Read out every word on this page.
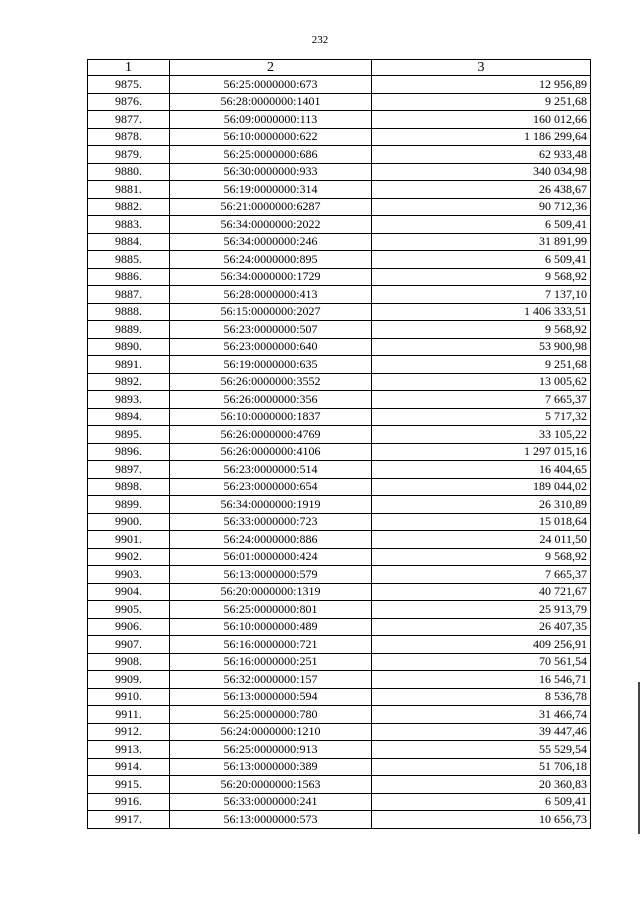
232
1	2	3
9875.	56:25:0000000:673	12 956,89
9876.	56:28:0000000:1401	9 251,68
9877.	56:09:0000000:113	160 012,66
9878.	56:10:0000000:622	1 186 299,64
9879.	56:25:0000000:686	62 933,48
9880.	56:30:0000000:933	340 034,98
9881.	56:19:0000000:314	26 438,67
9882.	56:21:0000000:6287	90 712,36
9883.	56:34:0000000:2022	6 509,41
9884.	56:34:0000000:246	31 891,99
9885.	56:24:0000000:895	6 509,41
9886.	56:34:0000000:1729	9 568,92
9887.	56:28:0000000:413	7 137,10
9888.	56:15:0000000:2027	1 406 333,51
9889.	56:23:0000000:507	9 568,92
9890.	56:23:0000000:640	53 900,98
9891.	56:19:0000000:635	9 251,68
9892.	56:26:0000000:3552	13 005,62
9893.	56:26:0000000:356	7 665,37
9894.	56:10:0000000:1837	5 717,32
9895.	56:26:0000000:4769	33 105,22
9896.	56:26:0000000:4106	1 297 015,16
9897.	56:23:0000000:514	16 404,65
9898.	56:23:0000000:654	189 044,02
9899.	56:34:0000000:1919	26 310,89
9900.	56:33:0000000:723	15 018,64
9901.	56:24:0000000:886	24 011,50
9902.	56:01:0000000:424	9 568,92
9903.	56:13:0000000:579	7 665,37
9904.	56:20:0000000:1319	40 721,67
9905.	56:25:0000000:801	25 913,79
9906.	56:10:0000000:489	26 407,35
9907.	56:16:0000000:721	409 256,91
9908.	56:16:0000000:251	70 561,54
9909.	56:32:0000000:157	16 546,71
9910.	56:13:0000000:594	8 536,78
9911.	56:25:0000000:780	31 466,74
9912.	56:24:0000000:1210	39 447,46
9913.	56:25:0000000:913	55 529,54
9914.	56:13:0000000:389	51 706,18
9915.	56:20:0000000:1563	20 360,83
9916.	56:33:0000000:241	6 509,41
9917.	56:13:0000000:573	10 656,73
